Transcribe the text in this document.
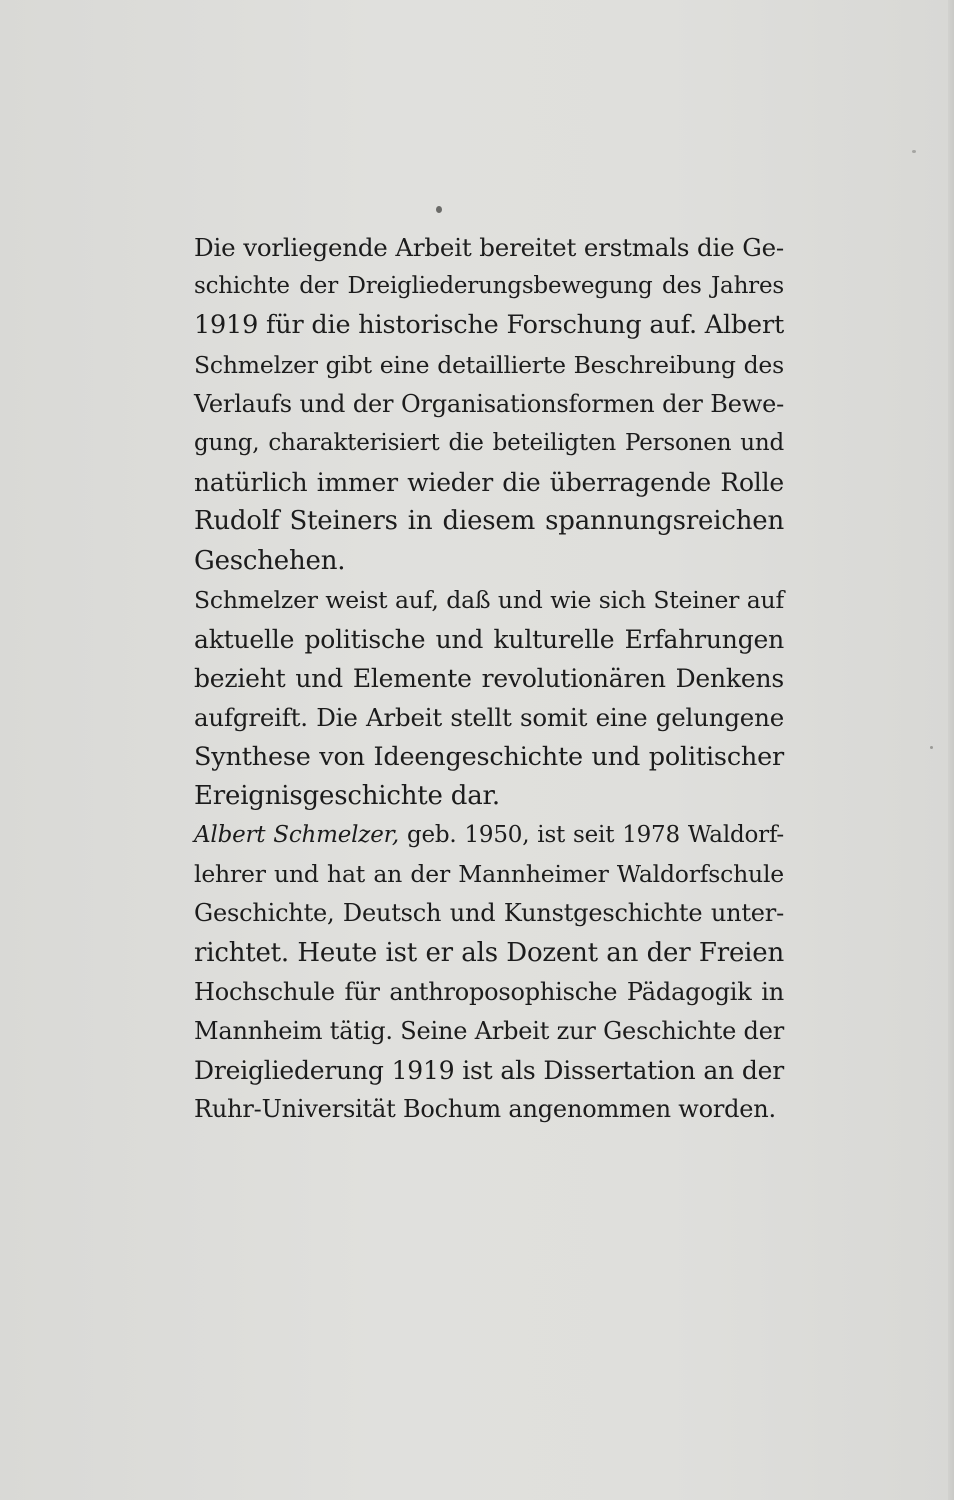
Die vorliegende Arbeit bereitet erstmals die Ge-
schichte der Dreigliederungsbewegung des Jahres
1919 für die historische Forschung auf. Albert
Schmelzer gibt eine detaillierte Beschreibung des
Verlaufs und der Organisationsformen der Bewe-
gung, charakterisiert die beteiligten Personen und
natürlich immer wieder die überragende Rolle
Rudolf Steiners in diesem spannungsreichen
Geschehen.

Schmelzer weist auf, daß und wie sich Steiner auf
aktuelle politische und kulturelle Erfahrungen
bezieht und Elemente revolutionären Denkens
aufgreift. Die Arbeit stellt somit eine gelungene
Synthese von Ideengeschichte und politischer
Ereignisgeschichte dar.

Albert Schmelzer, geb. 1950, ist seit 1978 Waldorf-
lehrer und hat an der Mannheimer Waldorfschule
Geschichte, Deutsch und Kunstgeschichte unter-
richtet. Heute ist er als Dozent an der Freien
Hochschule für anthroposophische Pädagogik in
Mannheim tätig. Seine Arbeit zur Geschichte der
Dreigliederung 1919 ist als Dissertation an der
Ruhr-Universität Bochum angenommen worden.
